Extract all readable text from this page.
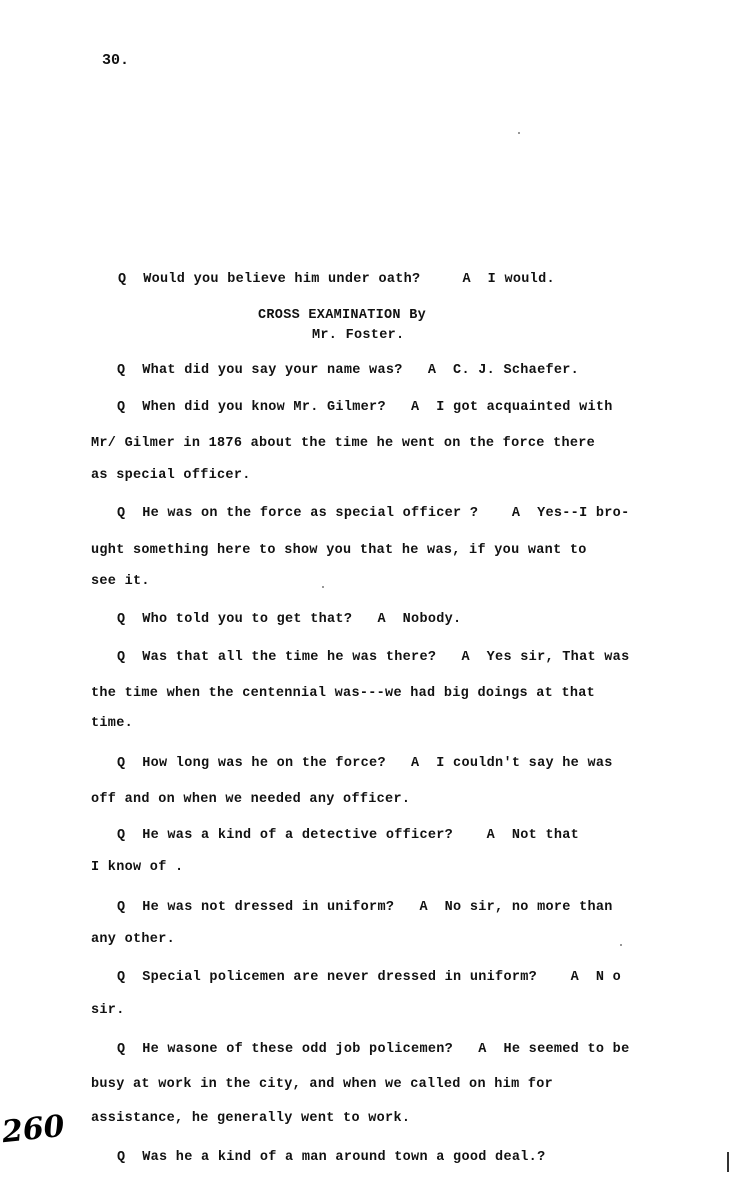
30.
Q  Would you believe him under oath?     A  I would.
CROSS EXAMINATION By
Mr. Foster.
Q  What did you say your name was?   A  C. J. Schaefer.
Q  When did you know Mr. Gilmer?   A  I got acquainted with
Mr/ Gilmer in 1876 about the time he went on the force there
as special officer.
Q  He was on the force as special officer ?    A  Yes--I bro-
ught something here to show you that he was, if you want to
see it.
Q  Who told you to get that?   A  Nobody.
Q  Was that all the time he was there?   A  Yes sir, That was
the time when the centennial was---we had big doings at that
time.
Q  How long was he on the force?   A  I couldn't say he was
off and on when we needed any officer.
Q  He was a kind of a detective officer?    A  Not that
I know of .
Q  He was not dressed in uniform?   A  No sir, no more than
any other.
Q  Special policemen are never dressed in uniform?    A  N o
sir.
Q  He wasone of these odd job policemen?   A  He seemed to be
busy at work in the city, and when we called on him for
assistance, he generally went to work.
Q  Was he a kind of a man around town a good deal.?
260
